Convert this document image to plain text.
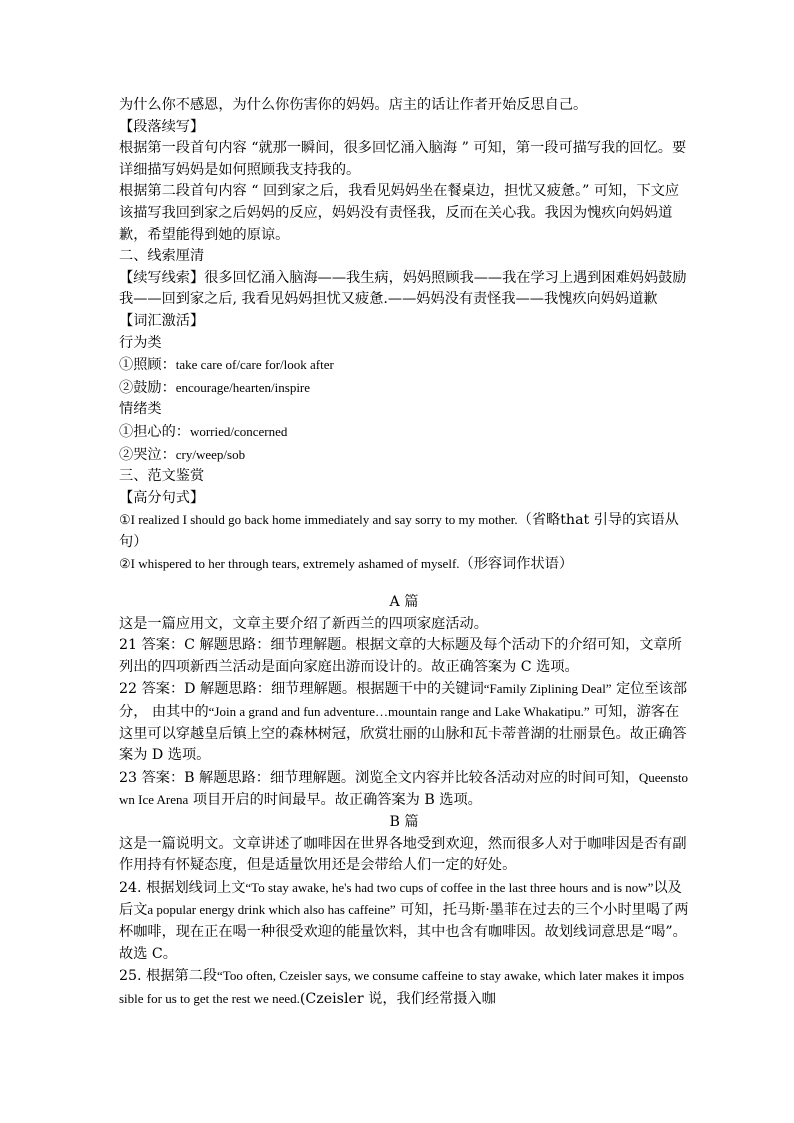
为什么你不感恩，为什么你伤害你的妈妈。店主的话让作者开始反思自己。

【段落续写】

根据第一段首句内容 “就那一瞬间，很多回忆涌入脑海 ” 可知，第一段可描写我的回忆。要详细描写妈妈是如何照顾我支持我的。

根据第二段首句内容 “ 回到家之后，我看见妈妈坐在餐桌边，担忧又疲惫。” 可知，下文应该描写我回到家之后妈妈的反应，妈妈没有责怪我，反而在关心我。我因为愧疚向妈妈道歉，希望能得到她的原谅。

二、线索厘清

【续写线索】很多回忆涌入脑海——我生病，妈妈照顾我——我在学习上遇到困难妈妈鼓励我——回到家之后, 我看见妈妈担忧又疲惫.——妈妈没有责怪我——我愧疚向妈妈道歉

【词汇激活】

行为类

①照顾：take care of/care for/look after

②鼓励：encourage/hearten/inspire

情绪类

①担心的：worried/concerned

②哭泣：cry/weep/sob

三、范文鉴赏

【高分句式】

①I realized I should go back home immediately and say sorry to my mother.（省略that 引导的宾语从句）

②I whispered to her through tears, extremely ashamed of myself.（形容词作状语）

A 篇

这是一篇应用文，文章主要介绍了新西兰的四项家庭活动。

21 答案：C 解题思路：细节理解题。根据文章的大标题及每个活动下的介绍可知，文章所列出的四项新西兰活动是面向家庭出游而设计的。故正确答案为 C 选项。

22 答案：D 解题思路：细节理解题。根据题干中的关键词“Family Ziplining Deal” 定位至该部分， 由其中的“Join a grand and fun adventure…mountain range and Lake Whakatipu.” 可知，游客在这里可以穿越皇后镇上空的森林树冠，欣赏壮丽的山脉和瓦卡蒂普湖的壮丽景色。故正确答案为 D 选项。

23 答案：B 解题思路：细节理解题。浏览全文内容并比较各活动对应的时间可知，Queenstown Ice Arena 项目开启的时间最早。故正确答案为 B 选项。

B 篇

这是一篇说明文。文章讲述了咖啡因在世界各地受到欢迎，然而很多人对于咖啡因是否有副作用持有怀疑态度，但是适量饮用还是会带给人们一定的好处。

24. 根据划线词上文“To stay awake, he's had two cups of coffee in the last three hours and is now”以及后文a popular energy drink which also has caffeine” 可知，托马斯·墨菲在过去的三个小时里喝了两杯咖啡，现在正在喝一种很受欢迎的能量饮料，其中也含有咖啡因。故划线词意思是“喝”。故选 C。

25. 根据第二段“Too often, Czeisler says, we consume caffeine to stay awake, which later makes it impossible for us to get the rest we need.(Czeisler 说，我们经常摄入咖
